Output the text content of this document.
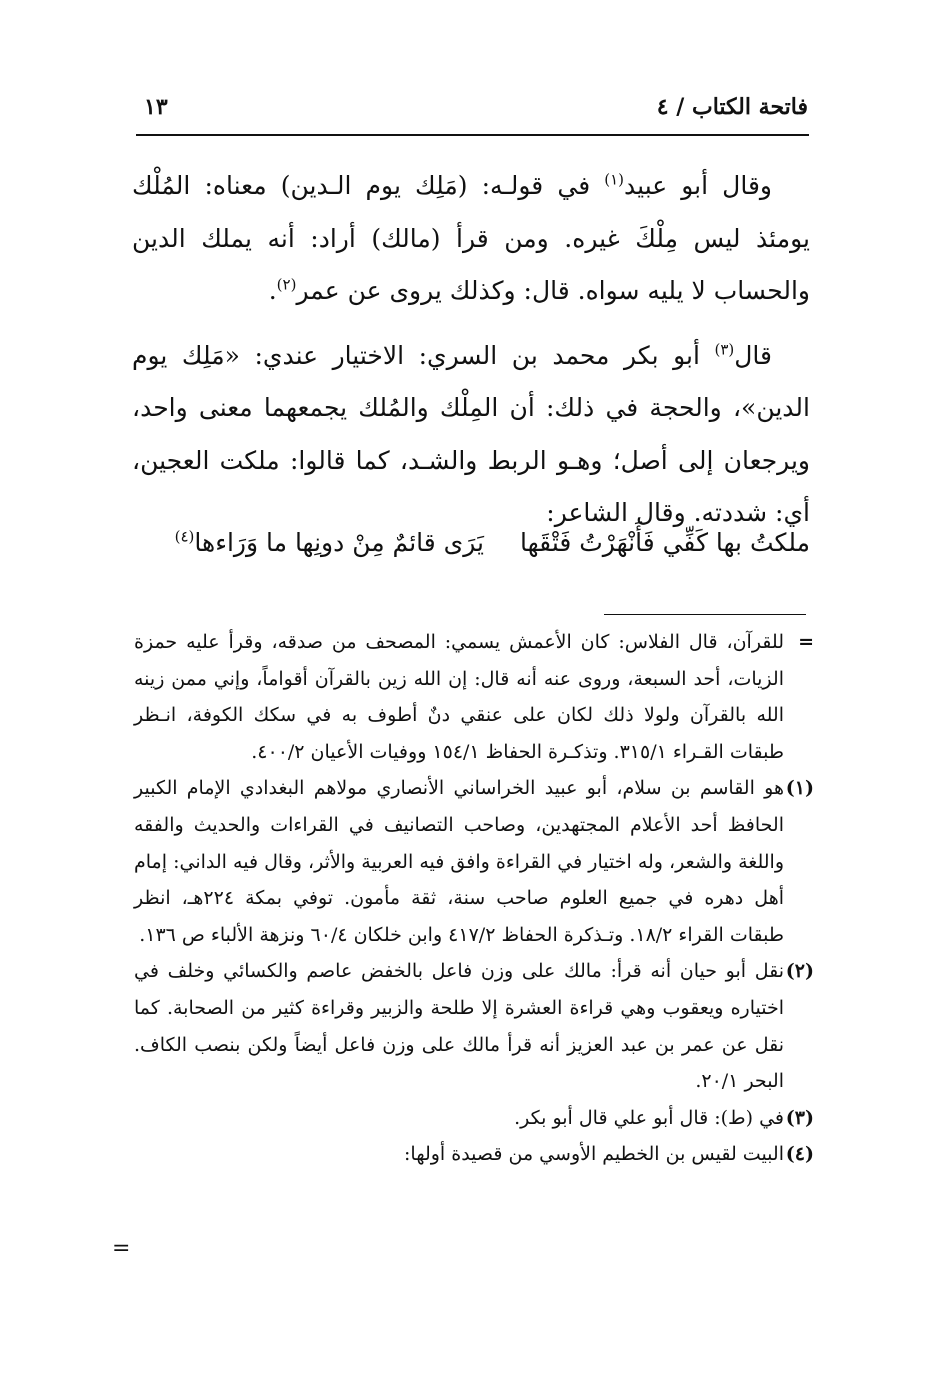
فاتحة الكتاب / ٤
١٣

وقال أبو عبيد$^{(١)}$ في قولـه: (مَلِك يوم الـدين) معناه: المُلْك يومئذ ليس مِلْكَ غيره. ومن قرأ (مالك) أراد: أنه يملك الدين والحساب لا يليه سواه. قال: وكذلك يروى عن عمر$^{(٢)}$.

قال$^{(٣)}$ أبو بكر محمد بن السري: الاختيار عندي: «مَلِك يوم الدين»، والحجة في ذلك: أن المِلْك والمُلك يجمعهما معنى واحد، ويرجعان إلى أصل؛ وهـو الربط والشـد، كما قالوا: ملكت العجين، أي: شددته. وقال الشاعر:

ملكتُ بها كَفِّي فَأَنْهَرْتُ فَتْقَها
يَرَى قائمٌ مِنْ دونِها ما وَرَاءها$^{(٤)}$

=
للقرآن، قال الفلاس: كان الأعمش يسمي: المصحف من صدقه، وقرأ عليه حمزة الزيات، أحد السبعة، وروى عنه أنه قال: إن الله زين بالقرآن أقواماً، وإني ممن زينه الله بالقرآن ولولا ذلك لكان على عنقي دنٌ أطوف به في سكك الكوفة، انـظر طبقات القـراء ٣١٥/١. وتذكـرة الحفاظ ١٥٤/١ ووفيات الأعيان ٤٠٠/٢.

(١)
هو القاسم بن سلام، أبو عبيد الخراساني الأنصاري مولاهم البغدادي الإمام الكبير الحافظ أحد الأعلام المجتهدين، وصاحب التصانيف في القراءات والحديث والفقه واللغة والشعر، وله اختيار في القراءة وافق فيه العربية والأثر، وقال فيه الداني: إمام أهل دهره في جميع العلوم صاحب سنة، ثقة مأمون. توفي بمكة ٢٢٤هـ، انظر طبقات القراء ١٨/٢. وتـذكرة الحفاظ ٤١٧/٢ وابن خلكان ٦٠/٤ ونزهة الألباء ص ١٣٦.

(٢)
نقل أبو حيان أنه قرأ: مالك على وزن فاعل بالخفض عاصم والكسائي وخلف في اختياره ويعقوب وهي قراءة العشرة إلا طلحة والزبير وقراءة كثير من الصحابة. كما نقل عن عمر بن عبد العزيز أنه قرأ مالك على وزن فاعل أيضاً ولكن بنصب الكاف. البحر ٢٠/١.

(٣)
في (ط): قال أبو علي قال أبو بكر.

(٤)
البيت لقيس بن الخطيم الأوسي من قصيدة أولها:

=
